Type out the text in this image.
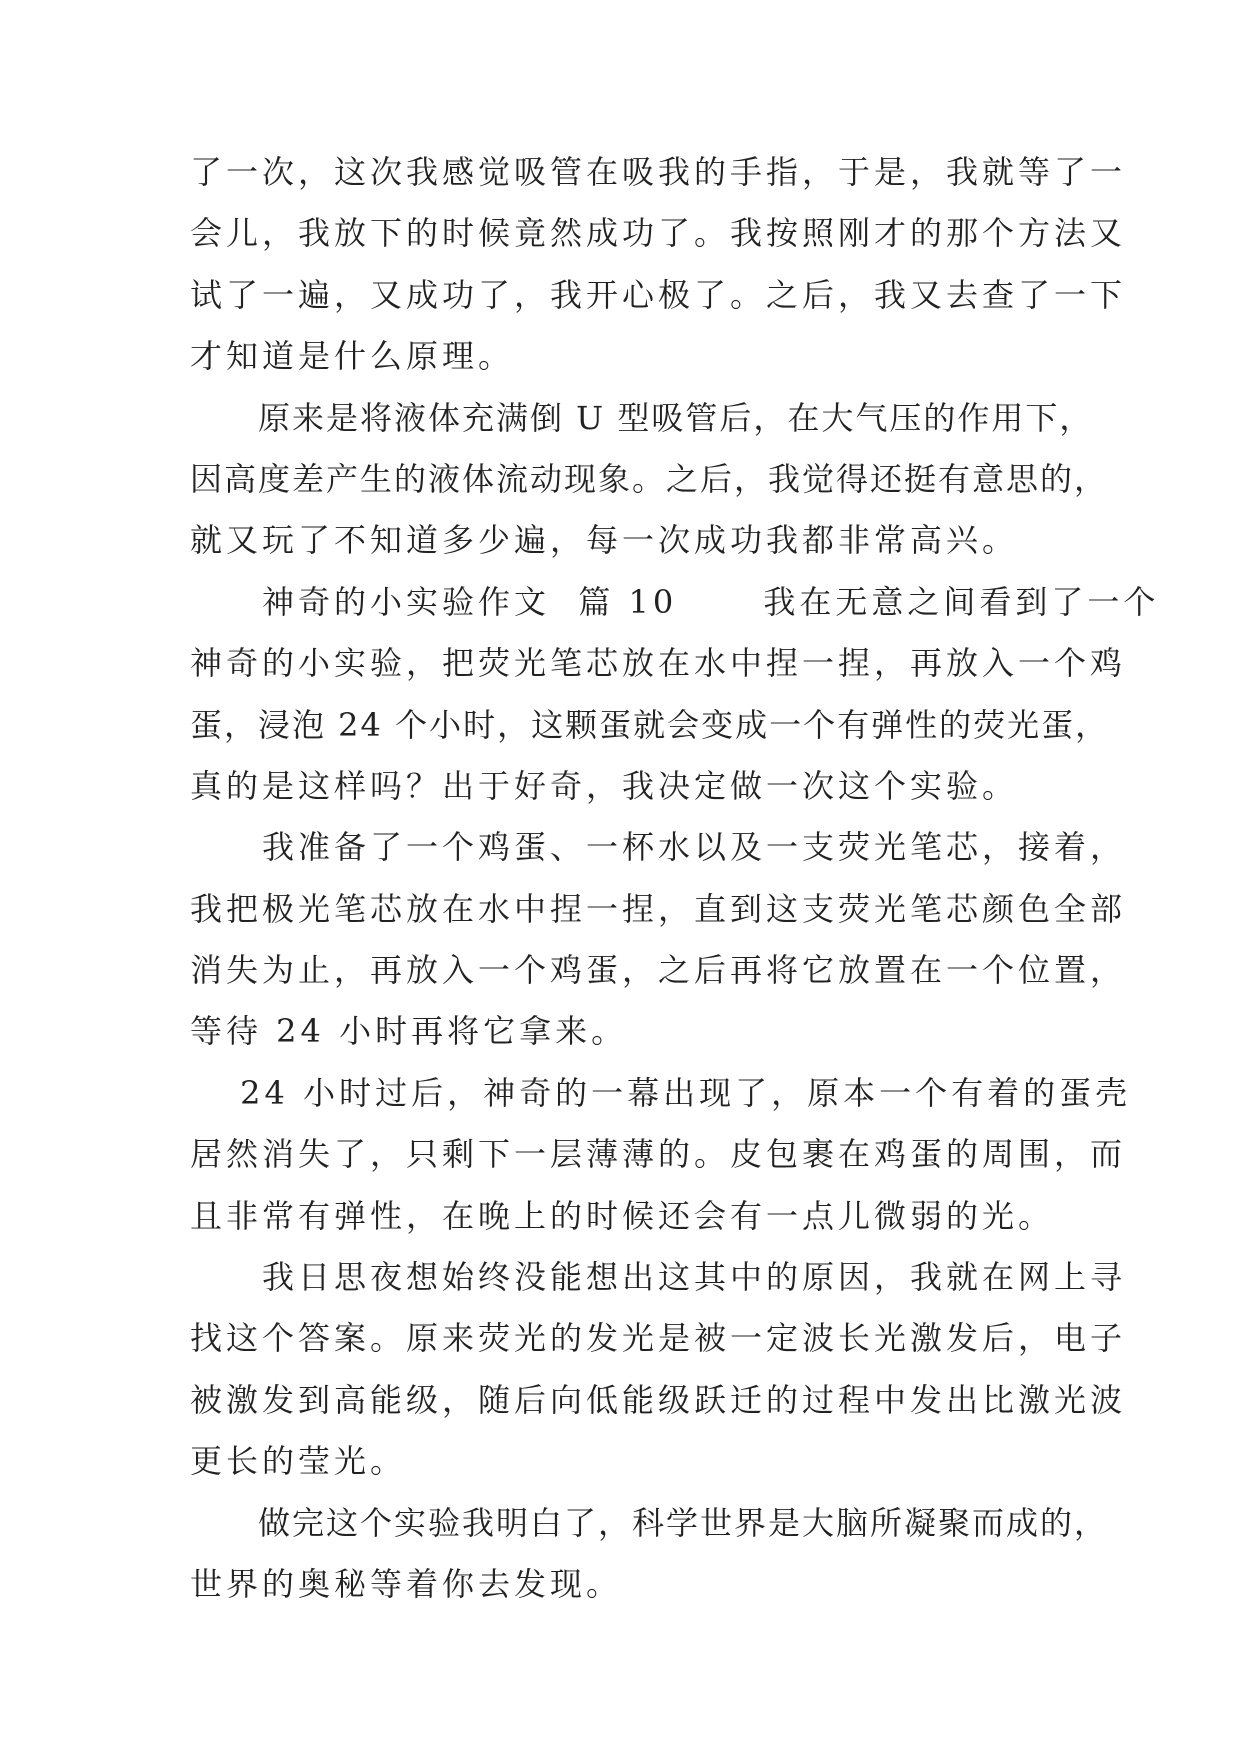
了一次，这次我感觉吸管在吸我的手指，于是，我就等了一
会儿，我放下的时候竟然成功了。我按照刚才的那个方法又
试了一遍，又成功了，我开心极了。之后，我又去查了一下
才知道是什么原理。
　　原来是将液体充满倒 U 型吸管后，在大气压的作用下，
因高度差产生的液体流动现象。之后，我觉得还挺有意思的，
就又玩了不知道多少遍，每一次成功我都非常高兴。
　　神奇的小实验作文  篇 10　　 我在无意之间看到了一个
神奇的小实验，把荧光笔芯放在水中捏一捏，再放入一个鸡
蛋，浸泡 24 个小时，这颗蛋就会变成一个有弹性的荧光蛋，
真的是这样吗？出于好奇，我决定做一次这个实验。
　　我准备了一个鸡蛋、一杯水以及一支荧光笔芯，接着，
我把极光笔芯放在水中捏一捏，直到这支荧光笔芯颜色全部
消失为止，再放入一个鸡蛋，之后再将它放置在一个位置，
等待 24 小时再将它拿来。
　 24 小时过后，神奇的一幕出现了，原本一个有着的蛋壳
居然消失了，只剩下一层薄薄的。皮包裹在鸡蛋的周围，而
且非常有弹性，在晚上的时候还会有一点儿微弱的光。
　　我日思夜想始终没能想出这其中的原因，我就在网上寻
找这个答案。原来荧光的发光是被一定波长光激发后，电子
被激发到高能级，随后向低能级跃迁的过程中发出比激光波
更长的莹光。
　　做完这个实验我明白了，科学世界是大脑所凝聚而成的，
世界的奥秘等着你去发现。
